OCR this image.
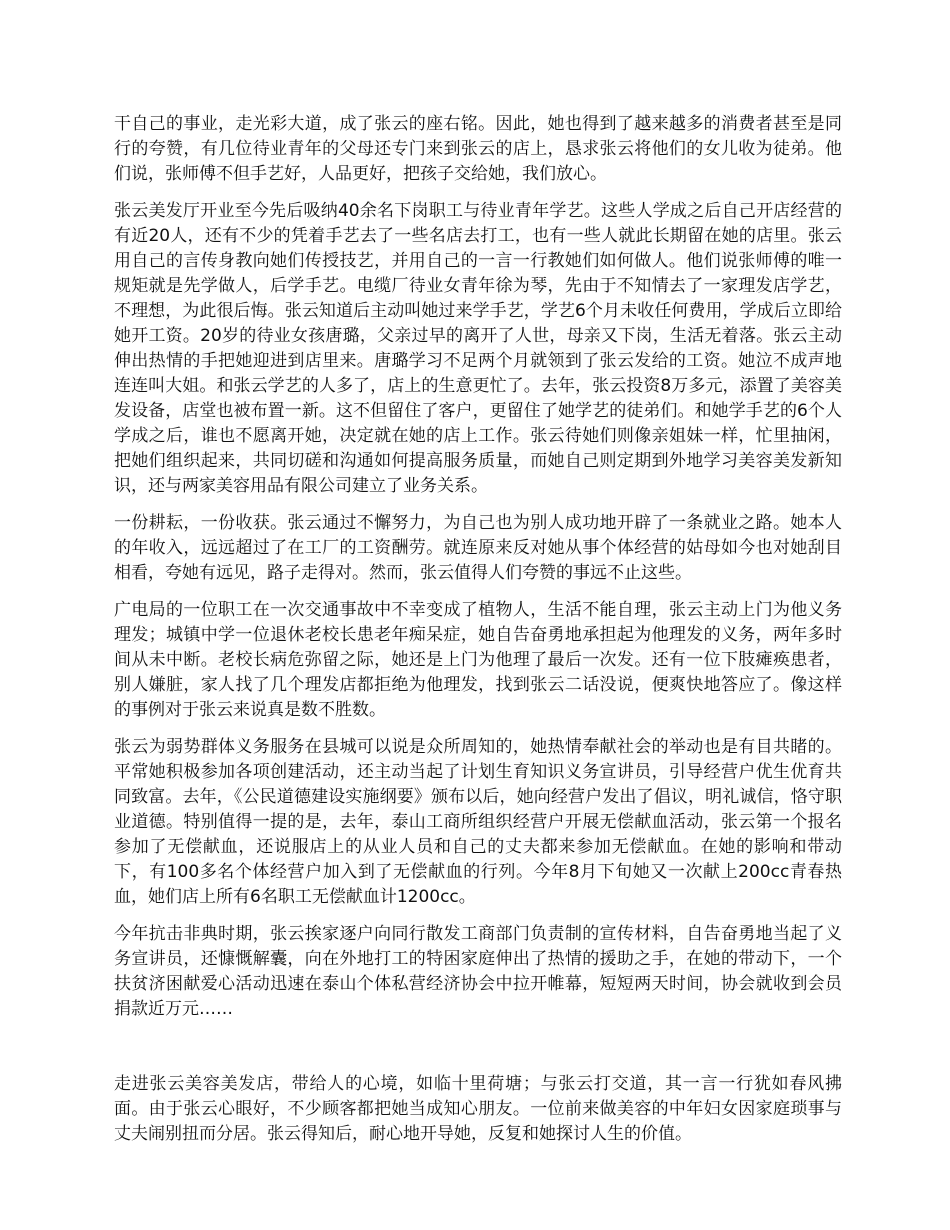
干自己的事业，走光彩大道，成了张云的座右铭。因此，她也得到了越来越多的消费者甚至是同行的夸赞，有几位待业青年的父母还专门来到张云的店上，恳求张云将他们的女儿收为徒弟。他们说，张师傅不但手艺好，人品更好，把孩子交给她，我们放心。

张云美发厅开业至今先后吸纳40余名下岗职工与待业青年学艺。这些人学成之后自己开店经营的有近20人，还有不少的凭着手艺去了一些名店去打工，也有一些人就此长期留在她的店里。张云用自己的言传身教向她们传授技艺，并用自己的一言一行教她们如何做人。他们说张师傅的唯一规矩就是先学做人，后学手艺。电缆厂待业女青年徐为琴，先由于不知情去了一家理发店学艺，不理想，为此很后悔。张云知道后主动叫她过来学手艺，学艺6个月未收任何费用，学成后立即给她开工资。20岁的待业女孩唐璐，父亲过早的离开了人世，母亲又下岗，生活无着落。张云主动伸出热情的手把她迎进到店里来。唐璐学习不足两个月就领到了张云发给的工资。她泣不成声地连连叫大姐。和张云学艺的人多了，店上的生意更忙了。去年，张云投资8万多元，添置了美容美发设备，店堂也被布置一新。这不但留住了客户，更留住了她学艺的徒弟们。和她学手艺的6个人学成之后，谁也不愿离开她，决定就在她的店上工作。张云待她们则像亲姐妹一样，忙里抽闲，把她们组织起来，共同切磋和沟通如何提高服务质量，而她自己则定期到外地学习美容美发新知识，还与两家美容用品有限公司建立了业务关系。

一份耕耘，一份收获。张云通过不懈努力，为自己也为别人成功地开辟了一条就业之路。她本人的年收入，远远超过了在工厂的工资酬劳。就连原来反对她从事个体经营的姑母如今也对她刮目相看，夸她有远见，路子走得对。然而，张云值得人们夸赞的事远不止这些。

广电局的一位职工在一次交通事故中不幸变成了植物人，生活不能自理，张云主动上门为他义务理发；城镇中学一位退休老校长患老年痴呆症，她自告奋勇地承担起为他理发的义务，两年多时间从未中断。老校长病危弥留之际，她还是上门为他理了最后一次发。还有一位下肢瘫痪患者，别人嫌脏，家人找了几个理发店都拒绝为他理发，找到张云二话没说，便爽快地答应了。像这样的事例对于张云来说真是数不胜数。

张云为弱势群体义务服务在县城可以说是众所周知的，她热情奉献社会的举动也是有目共睹的。平常她积极参加各项创建活动，还主动当起了计划生育知识义务宣讲员，引导经营户优生优育共同致富。去年，《公民道德建设实施纲要》颁布以后，她向经营户发出了倡议，明礼诚信，恪守职业道德。特别值得一提的是，去年，泰山工商所组织经营户开展无偿献血活动，张云第一个报名参加了无偿献血，还说服店上的从业人员和自己的丈夫都来参加无偿献血。在她的影响和带动下，有100多名个体经营户加入到了无偿献血的行列。今年8月下旬她又一次献上200cc青春热血，她们店上所有6名职工无偿献血计1200cc。

今年抗击非典时期，张云挨家逐户向同行散发工商部门负责制的宣传材料，自告奋勇地当起了义务宣讲员，还慷慨解囊，向在外地打工的特困家庭伸出了热情的援助之手，在她的带动下，一个扶贫济困献爱心活动迅速在泰山个体私营经济协会中拉开帷幕，短短两天时间，协会就收到会员捐款近万元……

走进张云美容美发店，带给人的心境，如临十里荷塘；与张云打交道，其一言一行犹如春风拂面。由于张云心眼好，不少顾客都把她当成知心朋友。一位前来做美容的中年妇女因家庭琐事与丈夫闹别扭而分居。张云得知后，耐心地开导她，反复和她探讨人生的价值。
